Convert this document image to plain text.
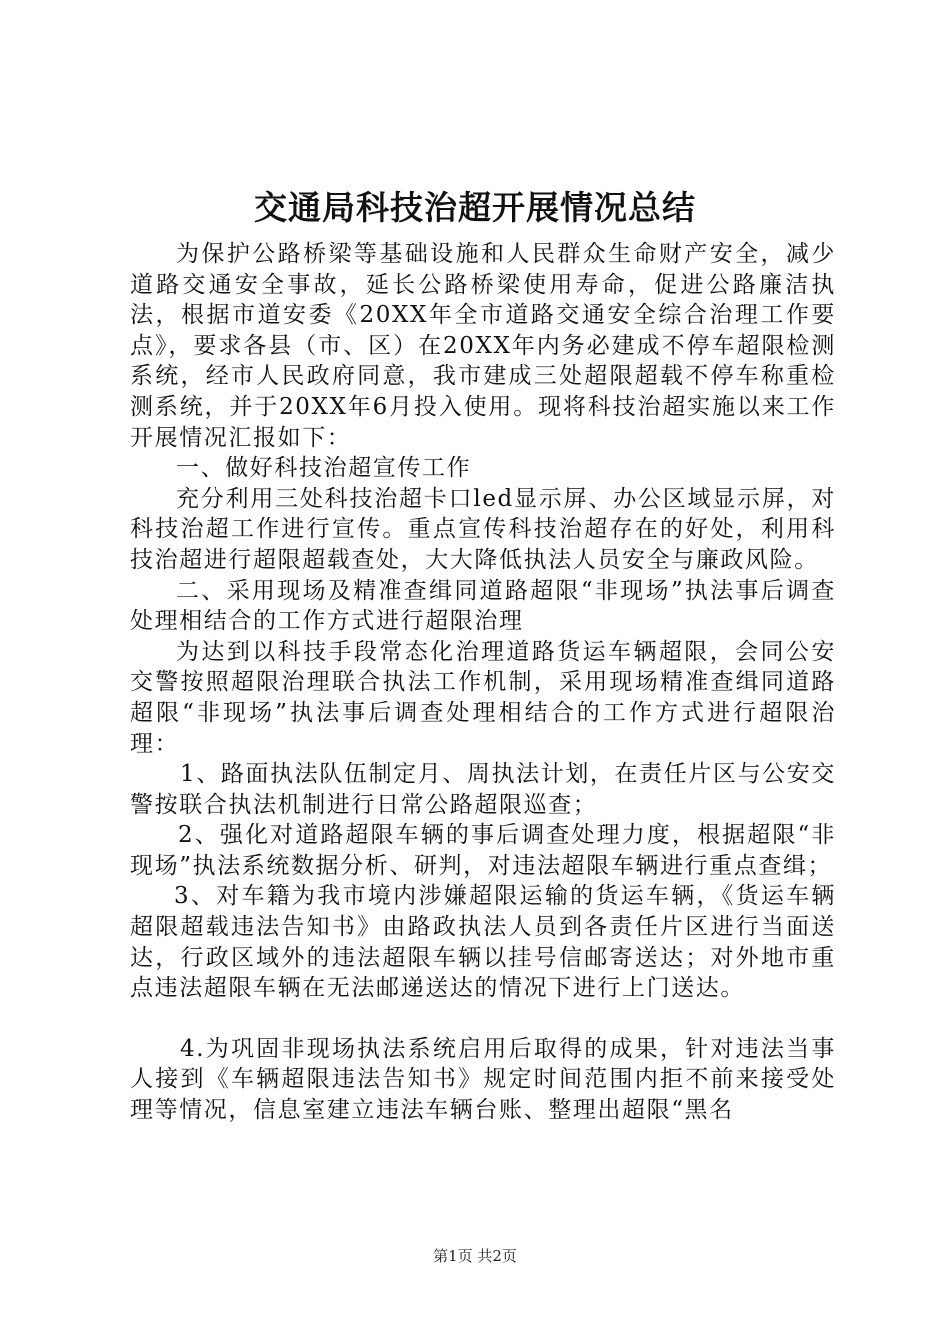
交通局科技治超开展情况总结

为保护公路桥梁等基础设施和人民群众生命财产安全，减少道路交通安全事故，延长公路桥梁使用寿命，促进公路廉洁执法，根据市道安委《20XX年全市道路交通安全综合治理工作要点》，要求各县（市、区）在20XX年内务必建成不停车超限检测系统，经市人民政府同意，我市建成三处超限超载不停车称重检测系统，并于20XX年6月投入使用。现将科技治超实施以来工作开展情况汇报如下：

一、做好科技治超宣传工作

充分利用三处科技治超卡口led显示屏、办公区域显示屏，对科技治超工作进行宣传。重点宣传科技治超存在的好处，利用科技治超进行超限超载查处，大大降低执法人员安全与廉政风险。

二、采用现场及精准查缉同道路超限“非现场”执法事后调查处理相结合的工作方式进行超限治理

为达到以科技手段常态化治理道路货运车辆超限，会同公安交警按照超限治理联合执法工作机制，采用现场精准查缉同道路超限“非现场”执法事后调查处理相结合的工作方式进行超限治理：

1、路面执法队伍制定月、周执法计划，在责任片区与公安交警按联合执法机制进行日常公路超限巡查；

2、强化对道路超限车辆的事后调查处理力度，根据超限“非现场”执法系统数据分析、研判，对违法超限车辆进行重点查缉；

3、对车籍为我市境内涉嫌超限运输的货运车辆，《货运车辆超限超载违法告知书》由路政执法人员到各责任片区进行当面送达，行政区域外的违法超限车辆以挂号信邮寄送达；对外地市重点违法超限车辆在无法邮递送达的情况下进行上门送达。

4.为巩固非现场执法系统启用后取得的成果，针对违法当事人接到《车辆超限违法告知书》规定时间范围内拒不前来接受处理等情况，信息室建立违法车辆台账、整理出超限“黑名

第1页 共2页
